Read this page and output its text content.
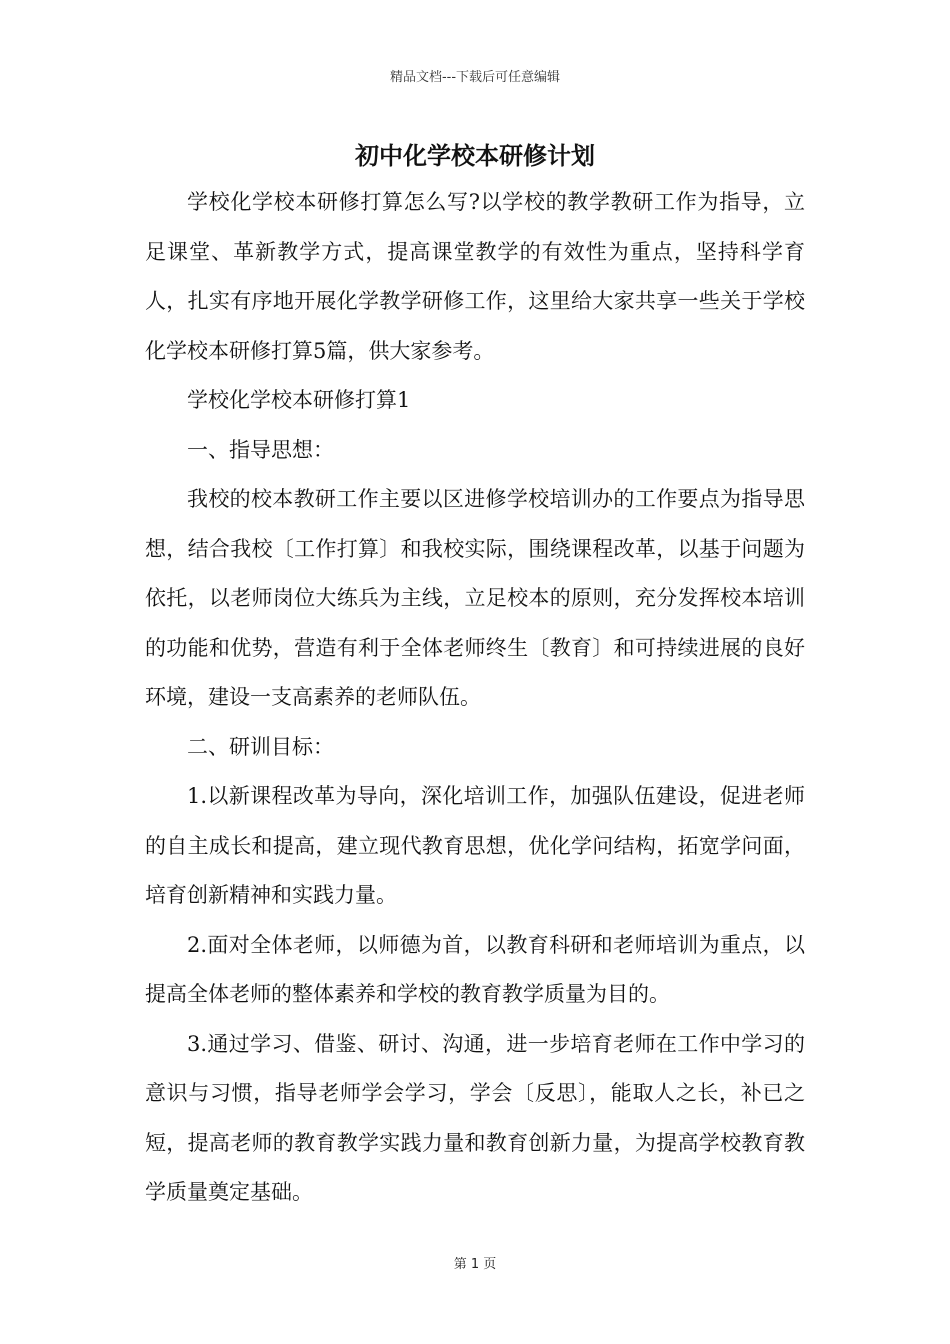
精品文档---下载后可任意编辑
初中化学校本研修计划

学校化学校本研修打算怎么写?以学校的教学教研工作为指导，立足课堂、革新教学方式，提高课堂教学的有效性为重点，坚持科学育人，扎实有序地开展化学教学研修工作，这里给大家共享一些关于学校化学校本研修打算5篇，供大家参考。

学校化学校本研修打算1

一、指导思想：

我校的校本教研工作主要以区进修学校培训办的工作要点为指导思想，结合我校〔工作打算〕和我校实际，围绕课程改革，以基于问题为依托，以老师岗位大练兵为主线，立足校本的原则，充分发挥校本培训的功能和优势，营造有利于全体老师终生〔教育〕和可持续进展的良好环境，建设一支高素养的老师队伍。

二、研训目标：

1.以新课程改革为导向，深化培训工作，加强队伍建设，促进老师的自主成长和提高，建立现代教育思想，优化学问结构，拓宽学问面，培育创新精神和实践力量。

2.面对全体老师，以师德为首，以教育科研和老师培训为重点，以提高全体老师的整体素养和学校的教育教学质量为目的。

3.通过学习、借鉴、研讨、沟通，进一步培育老师在工作中学习的意识与习惯，指导老师学会学习，学会〔反思〕，能取人之长，补已之短，提高老师的教育教学实践力量和教育创新力量，为提高学校教育教学质量奠定基础。

第 1 页
